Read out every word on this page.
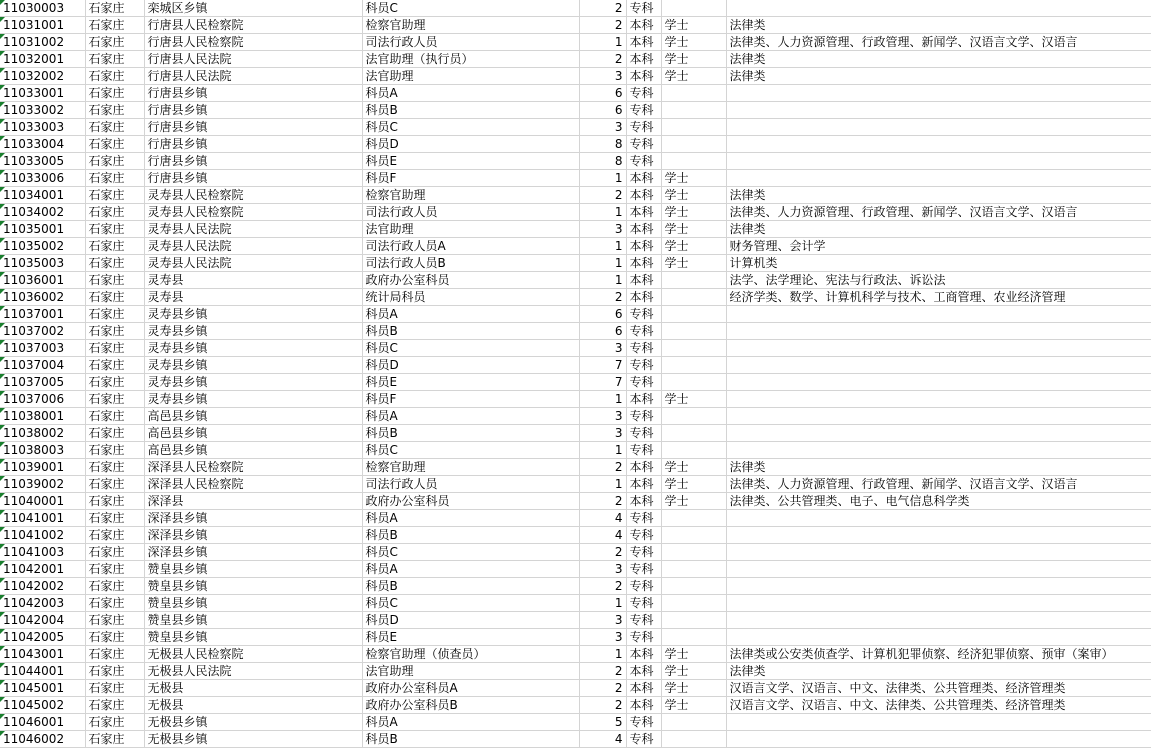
11030003	石家庄	栾城区乡镇	科员C	2	专科		

11031001	石家庄	行唐县人民检察院	检察官助理	2	本科	学士	法律类

11031002	石家庄	行唐县人民检察院	司法行政人员	1	本科	学士	法律类、人力资源管理、行政管理、新闻学、汉语言文学、汉语言

11032001	石家庄	行唐县人民法院	法官助理（执行员）	2	本科	学士	法律类

11032002	石家庄	行唐县人民法院	法官助理	3	本科	学士	法律类

11033001	石家庄	行唐县乡镇	科员A	6	专科		

11033002	石家庄	行唐县乡镇	科员B	6	专科		

11033003	石家庄	行唐县乡镇	科员C	3	专科		

11033004	石家庄	行唐县乡镇	科员D	8	专科		

11033005	石家庄	行唐县乡镇	科员E	8	专科		

11033006	石家庄	行唐县乡镇	科员F	1	本科	学士	

11034001	石家庄	灵寿县人民检察院	检察官助理	2	本科	学士	法律类

11034002	石家庄	灵寿县人民检察院	司法行政人员	1	本科	学士	法律类、人力资源管理、行政管理、新闻学、汉语言文学、汉语言

11035001	石家庄	灵寿县人民法院	法官助理	3	本科	学士	法律类

11035002	石家庄	灵寿县人民法院	司法行政人员A	1	本科	学士	财务管理、会计学

11035003	石家庄	灵寿县人民法院	司法行政人员B	1	本科	学士	计算机类

11036001	石家庄	灵寿县	政府办公室科员	1	本科		法学、法学理论、宪法与行政法、诉讼法

11036002	石家庄	灵寿县	统计局科员	2	本科		经济学类、数学、计算机科学与技术、工商管理、农业经济管理

11037001	石家庄	灵寿县乡镇	科员A	6	专科		

11037002	石家庄	灵寿县乡镇	科员B	6	专科		

11037003	石家庄	灵寿县乡镇	科员C	3	专科		

11037004	石家庄	灵寿县乡镇	科员D	7	专科		

11037005	石家庄	灵寿县乡镇	科员E	7	专科		

11037006	石家庄	灵寿县乡镇	科员F	1	本科	学士	

11038001	石家庄	高邑县乡镇	科员A	3	专科		

11038002	石家庄	高邑县乡镇	科员B	3	专科		

11038003	石家庄	高邑县乡镇	科员C	1	专科		

11039001	石家庄	深泽县人民检察院	检察官助理	2	本科	学士	法律类

11039002	石家庄	深泽县人民检察院	司法行政人员	1	本科	学士	法律类、人力资源管理、行政管理、新闻学、汉语言文学、汉语言

11040001	石家庄	深泽县	政府办公室科员	2	本科	学士	法律类、公共管理类、电子、电气信息科学类

11041001	石家庄	深泽县乡镇	科员A	4	专科		

11041002	石家庄	深泽县乡镇	科员B	4	专科		

11041003	石家庄	深泽县乡镇	科员C	2	专科		

11042001	石家庄	赞皇县乡镇	科员A	3	专科		

11042002	石家庄	赞皇县乡镇	科员B	2	专科		

11042003	石家庄	赞皇县乡镇	科员C	1	专科		

11042004	石家庄	赞皇县乡镇	科员D	3	专科		

11042005	石家庄	赞皇县乡镇	科员E	3	专科		

11043001	石家庄	无极县人民检察院	检察官助理（侦查员）	1	本科	学士	法律类或公安类侦查学、计算机犯罪侦察、经济犯罪侦察、预审（案审）

11044001	石家庄	无极县人民法院	法官助理	2	本科	学士	法律类

11045001	石家庄	无极县	政府办公室科员A	2	本科	学士	汉语言文学、汉语言、中文、法律类、公共管理类、经济管理类

11045002	石家庄	无极县	政府办公室科员B	2	本科	学士	汉语言文学、汉语言、中文、法律类、公共管理类、经济管理类

11046001	石家庄	无极县乡镇	科员A	5	专科		

11046002	石家庄	无极县乡镇	科员B	4	专科		
